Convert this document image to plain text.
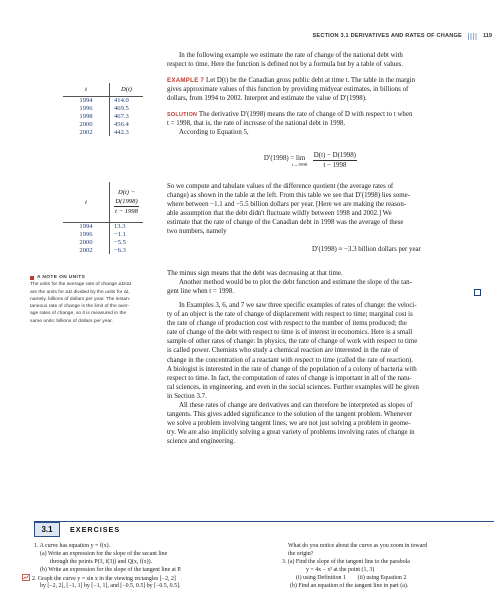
SECTION 3.1 DERIVATIVES AND RATES OF CHANGE	119
t	D(t)
1994	414.0
1996	469.5
1998	467.3
2000	456.4
2002	442.3
t	$\frac{D(t) - D(1998)}{t - 1998}$

1994	13.3
1996	−1.1
2000	−5.5
2002	−6.3
A NOTE ON UNITS
The units for the average rate of change ΔD/Δt
are the units for ΔD divided by the units for Δt,
namely, billions of dollars per year. The instan-
taneous rate of change is the limit of the aver-
age rates of change, so it is measured in the
same units: billions of dollars per year.
In the following example we estimate the rate of change of the national debt with
respect to time. Here the function is defined not by a formula but by a table of values.
EXAMPLE 7 Let D(t) be the Canadian gross public debt at time t. The table in the margin
gives approximate values of this function by providing midyear estimates, in billions of
dollars, from 1994 to 2002. Interpret and estimate the value of D′(1998).
SOLUTION The derivative D′(1998) means the rate of change of D with respect to t when
t = 1998, that is, the rate of increase of the national debt in 1998.
According to Equation 5,
D′(1998) = lim
t→1998
$\frac{D(t) - D(1998)}{t - 1998}$
So we compute and tabulate values of the difference quotient (the average rates of
change) as shown in the table at the left. From this table we see that D′(1998) lies some-
where between −1.1 and −5.5 billion dollars per year. [Here we are making the reason-
able assumption that the debt didn't fluctuate wildly between 1998 and 2002.] We
estimate that the rate of change of the Canadian debt in 1998 was the average of these
two numbers, namely
D′(1998) ≈ −3.3 billion dollars per year
The minus sign means that the debt was decreasing at that time.
Another method would be to plot the debt function and estimate the slope of the tan-
gent line when t = 1998.
In Examples 3, 6, and 7 we saw three specific examples of rates of change: the veloci-
ty of an object is the rate of change of displacement with respect to time; marginal cost is
the rate of change of production cost with respect to the number of items produced; the
rate of change of the debt with respect to time is of interest in economics. Here is a small
sample of other rates of change: In physics, the rate of change of work with respect to time
is called power. Chemists who study a chemical reaction are interested in the rate of
change in the concentration of a reactant with respect to time (called the rate of reaction).
A biologist is interested in the rate of change of the population of a colony of bacteria with
respect to time. In fact, the computation of rates of change is important in all of the natu-
ral sciences, in engineering, and even in the social sciences. Further examples will be given
in Section 3.7.
All these rates of change are derivatives and can therefore be interpreted as slopes of
tangents. This gives added significance to the solution of the tangent problem. Whenever
we solve a problem involving tangent lines, we are not just solving a problem in geome-
try. We are also implicitly solving a great variety of problems involving rates of change in
science and engineering.
3.1	EXERCISES
1. A curve has equation y = f(x).
(a) Write an expression for the slope of the secant line
through the points P(3, f(3)) and Q(x, f(x)).
(b) Write an expression for the slope of the tangent line at P.
2. Graph the curve y = sin x in the viewing rectangles [−2, 2]
by [−2, 2], [−1, 1] by [−1, 1], and [−0.5, 0.5] by [−0.5, 0.5].
What do you notice about the curve as you zoom in toward
the origin?
3. (a) Find the slope of the tangent line to the parabola
y = 4x − x² at the point (1, 3)
(i) using Definition 1        (ii) using Equation 2
(b) Find an equation of the tangent line in part (a).
